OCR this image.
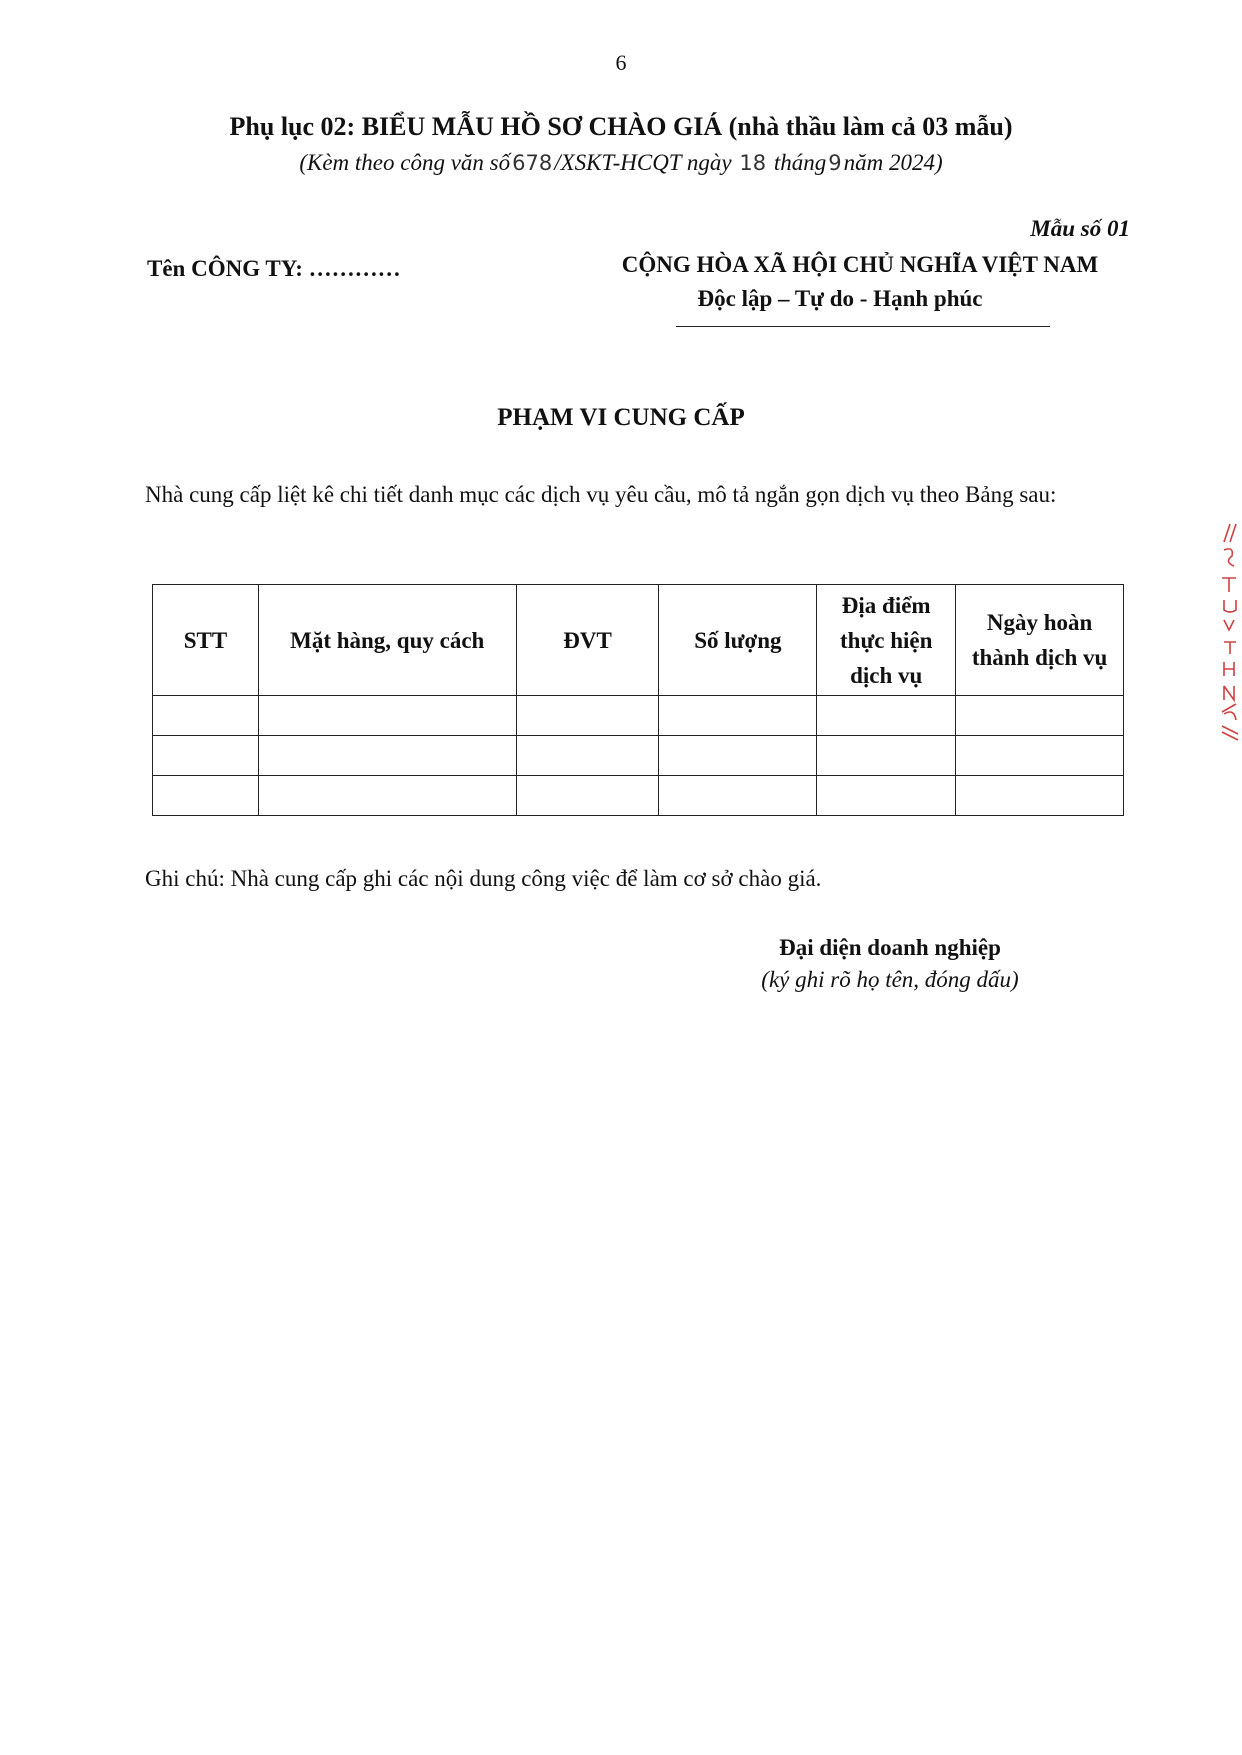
6
Phụ lục 02: BIỂU MẪU HỒ SƠ CHÀO GIÁ (nhà thầu làm cả 03 mẫu)
(Kèm theo công văn số678/XSKT-HCQT ngày 18 tháng9năm 2024)
Mẫu số 01
Tên CÔNG TY: …………	CỘNG HÒA XÃ HỘI CHỦ NGHĨA VIỆT NAM
Độc lập – Tự do - Hạnh phúc
PHẠM VI CUNG CẤP
Nhà cung cấp liệt kê chi tiết danh mục các dịch vụ yêu cầu, mô tả ngắn gọn dịch vụ theo Bảng sau:
STT	Mặt hàng, quy cách	ĐVT	Số lượng	Địa điểm thực hiện dịch vụ	Ngày hoàn thành dịch vụ

Ghi chú: Nhà cung cấp ghi các nội dung công việc để làm cơ sở chào giá.
Đại diện doanh nghiệp
(ký ghi rõ họ tên, đóng dấu)
